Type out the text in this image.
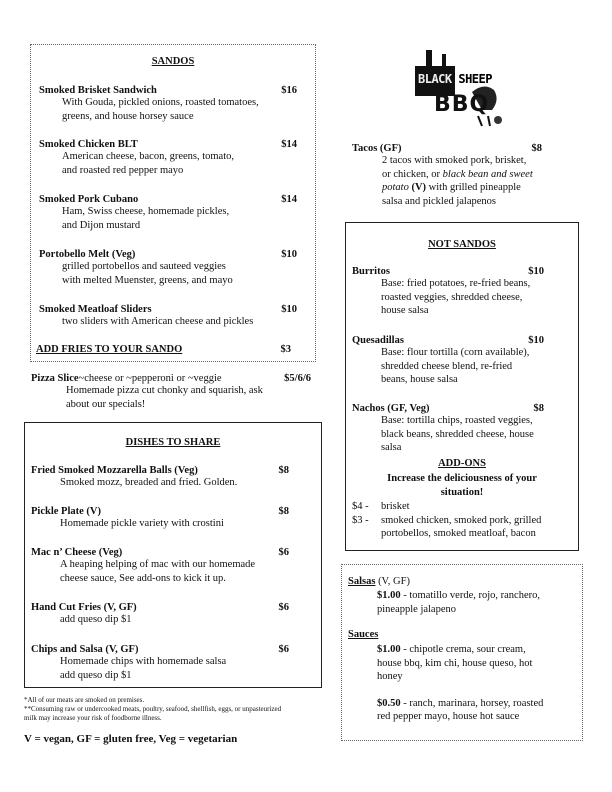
SANDOS
Smoked Brisket Sandwich	$16
With Gouda, pickled onions, roasted tomatoes,
greens, and house horsey sauce
Smoked Chicken BLT	$14
American cheese, bacon, greens, tomato,
and roasted red pepper mayo
Smoked Pork Cubano	$14
Ham, Swiss cheese, homemade pickles,
and Dijon mustard
Portobello Melt (Veg)	$10
grilled portobellos and sauteed veggies
with melted Muenster, greens, and mayo
Smoked Meatloaf Sliders	$10
two sliders with American cheese and pickles
ADD FRIES TO YOUR SANDO	$3
Pizza Slice ~cheese or ~pepperoni or ~veggie	$5/6/6
Homemade pizza cut chonky and squarish, ask
about our specials!
DISHES TO SHARE
Fried Smoked Mozzarella Balls (Veg)	$8
Smoked mozz, breaded and fried. Golden.
Pickle Plate (V)	$8
Homemade pickle variety with crostini
Mac n’ Cheese (Veg)	$6
A heaping helping of mac with our homemade
cheese sauce, See add-ons to kick it up.
Hand Cut Fries (V, GF)	$6
add queso dip $1
Chips and Salsa (V, GF)	$6
Homemade chips with homemade salsa
add queso dip $1
*All of our meats are smoked on premises.
**Consuming raw or undercooked meats, poultry, seafood, shellfish, eggs, or unpasteurized
milk may increase your risk of foodborne illness.
V = vegan, GF = gluten free, Veg = vegetarian
BLACK SHEEP
BBQ
Tacos (GF)	$8
2 tacos with smoked pork, brisket,
or chicken, or black bean and sweet
potato (V) with grilled pineapple
salsa and pickled jalapenos
NOT SANDOS
Burritos	$10
Base: fried potatoes, re-fried beans,
roasted veggies, shredded cheese,
house salsa
Quesadillas	$10
Base: flour tortilla (corn available),
shredded cheese blend, re-fried
beans, house salsa
Nachos (GF, Veg)	$8
Base: tortilla chips, roasted veggies,
black beans, shredded cheese, house
salsa
ADD-ONS
Increase the deliciousness of your
situation!
$4 -	brisket
$3 -	smoked chicken, smoked pork, grilled
portobellos, smoked meatloaf, bacon
Salsas (V, GF)
$1.00 - tomatillo verde, rojo, ranchero,
pineapple jalapeno
Sauces
$1.00 - chipotle crema, sour cream,
house bbq, kim chi, house queso, hot
honey
$0.50 - ranch, marinara, horsey, roasted
red pepper mayo, house hot sauce
